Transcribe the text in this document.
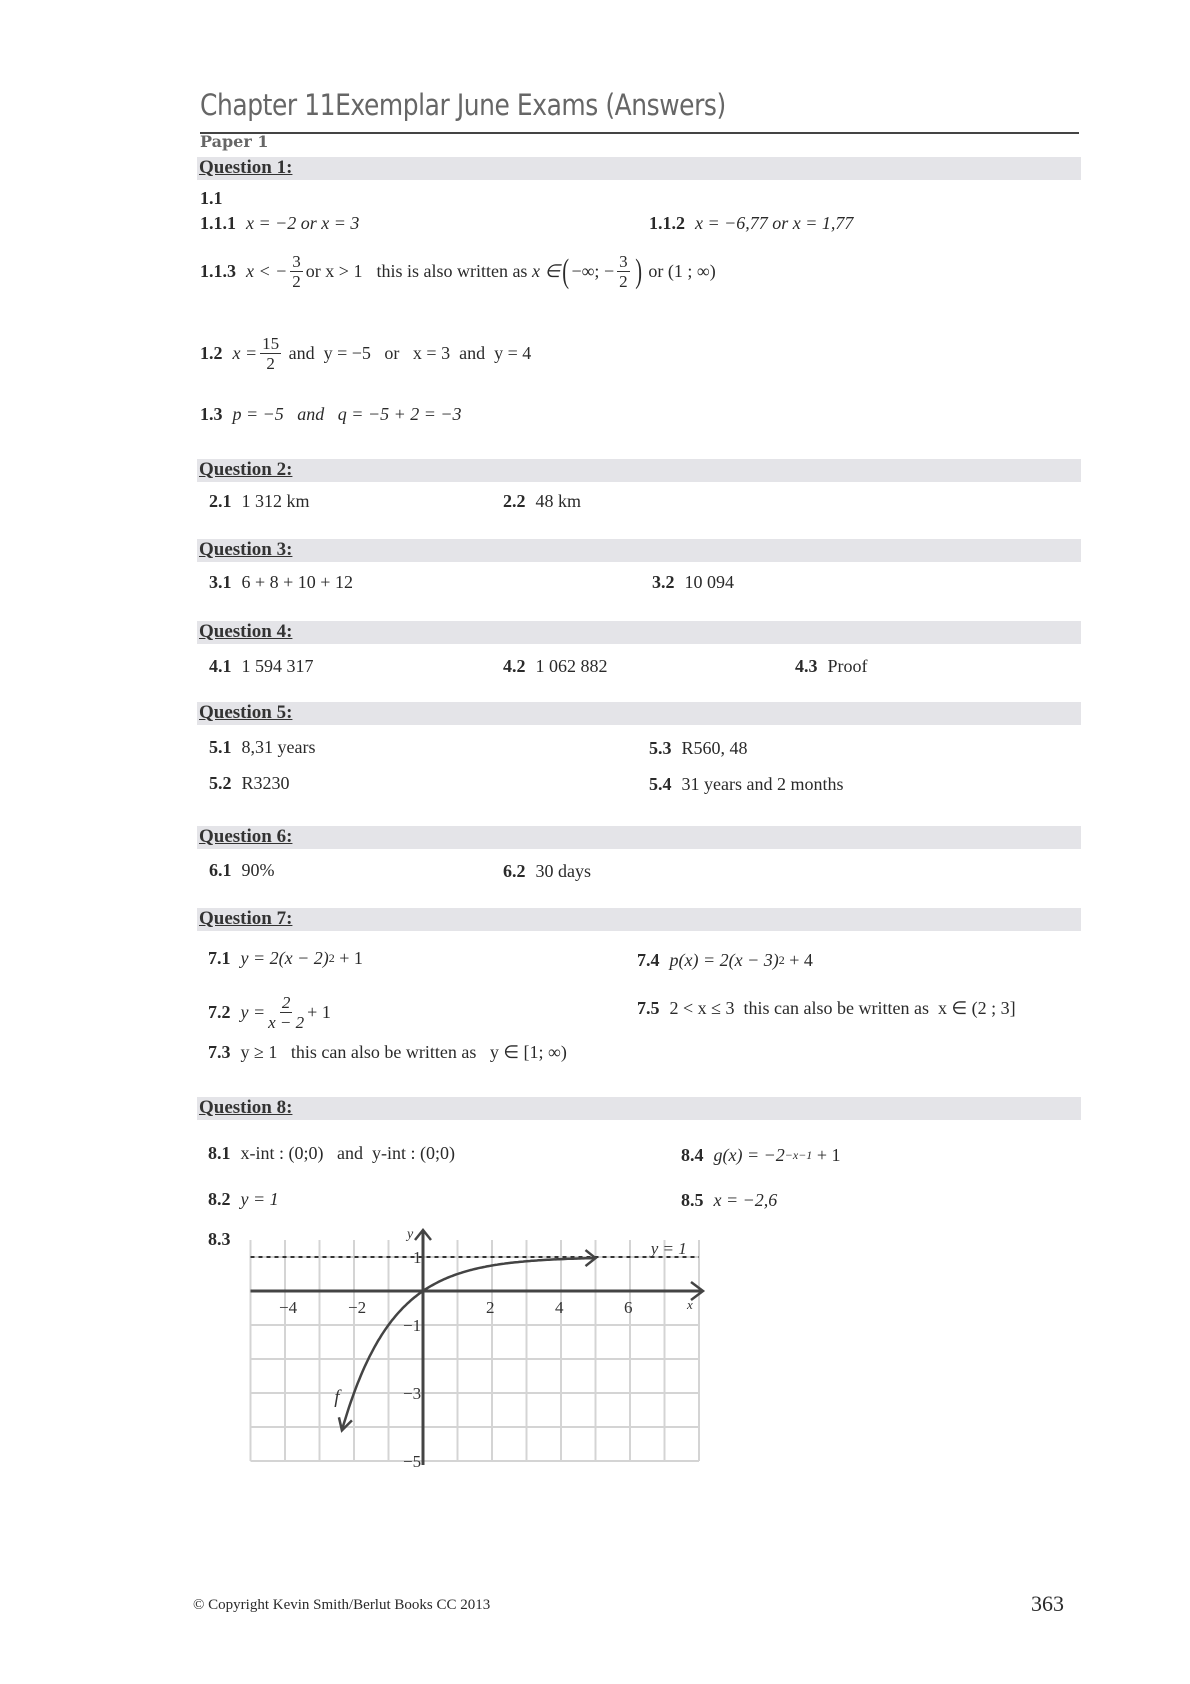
Chapter 11Exemplar June Exams (Answers)
Paper 1
Question 1:
1.1
1.1.1 x = −2 or x = 3	1.1.2 x = −6,77 or x = 1,77
1.1.3 x < − $\frac{3}{2}$ or x > 1 this is also written as
x ∈ ( −∞; − $\frac{3}{2}$ )
or
(1 ; ∞)
1.2 $x = \frac{15}{2}$
and  y = −5   or   x = 3  and  y = 4
1.3 p = −5   and   q = −5 + 2 = −3
Question 2:
2.1 1 312 km	2.2 48 km
Question 3:
3.1 6 + 8 + 10 + 12	3.2 10 094
Question 4:
4.1 1 594 317	4.2 1 062 882	4.3 Proof
Question 5:
5.1 8,31 years
5.2 R3230
5.3 R560, 48
5.4 31 years and 2 months
Question 6:
6.1 90%	6.2 30 days
Question 7:
7.1 y = 2(x − 2) 2 + 1
7.2 $y = \frac{2}{x - 2} + 1$
7.3 y ≥ 1   this can also be written as   y ∈ [1; ∞)
7.4 p(x) = 2(x − 3) 2 + 4
7.5 2 < x ≤ 3  this can also be written as  x ∈ (2 ; 3]
Question 8:
8.1 x-int : (0;0)   and  y-int : (0;0)
8.2 y = 1
8.3
8.4 g(x) = −2 −x−1 + 1
8.5 x = −2,6
−4	−2	2	4	6
1
−1
−3
−5
x
y
y = 1
f
© Copyright Kevin Smith/Berlut Books CC 2013	363
